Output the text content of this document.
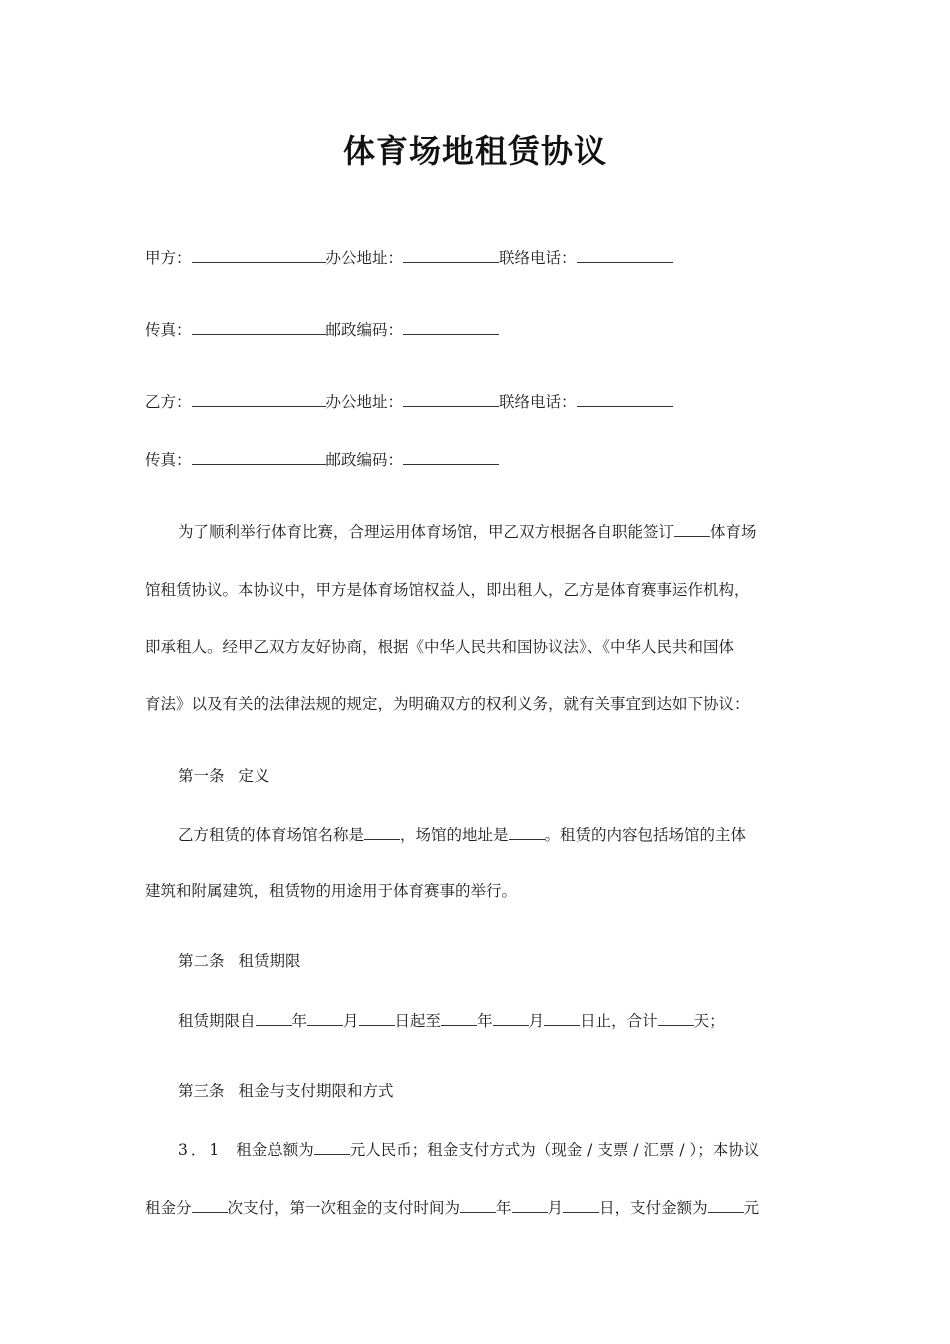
体育场地租赁协议
甲方：	办公地址：	联络电话：
传真：	邮政编码：
乙方：	办公地址：	联络电话：
传真：	邮政编码：
为了顺利举行体育比赛，合理运用体育场馆，甲乙双方根据各自职能签订 体育场
馆租赁协议。本协议中，甲方是体育场馆权益人，即出租人，乙方是体育赛事运作机构，
即承租人。经甲乙双方友好协商，根据《中华人民共和国协议法》、《中华人民共和国体
育法》以及有关的法律法规的规定，为明确双方的权利义务，就有关事宜到达如下协议：
第一条 定义
乙方租赁的体育场馆名称是 ，场馆的地址是 。租赁的内容包括场馆的主体
建筑和附属建筑，租赁物的用途用于体育赛事的举行。
第二条 租赁期限
租赁期限自 年 月 日起至 年 月 日止，合计 天；
第三条 租金与支付期限和方式
3．1 租金总额为 元人民币；租金支付方式为（现金 / 支票 / 汇票 / ）；本协议
租金分 次支付，第一次租金的支付时间为 年 月 日，支付金额为 元
